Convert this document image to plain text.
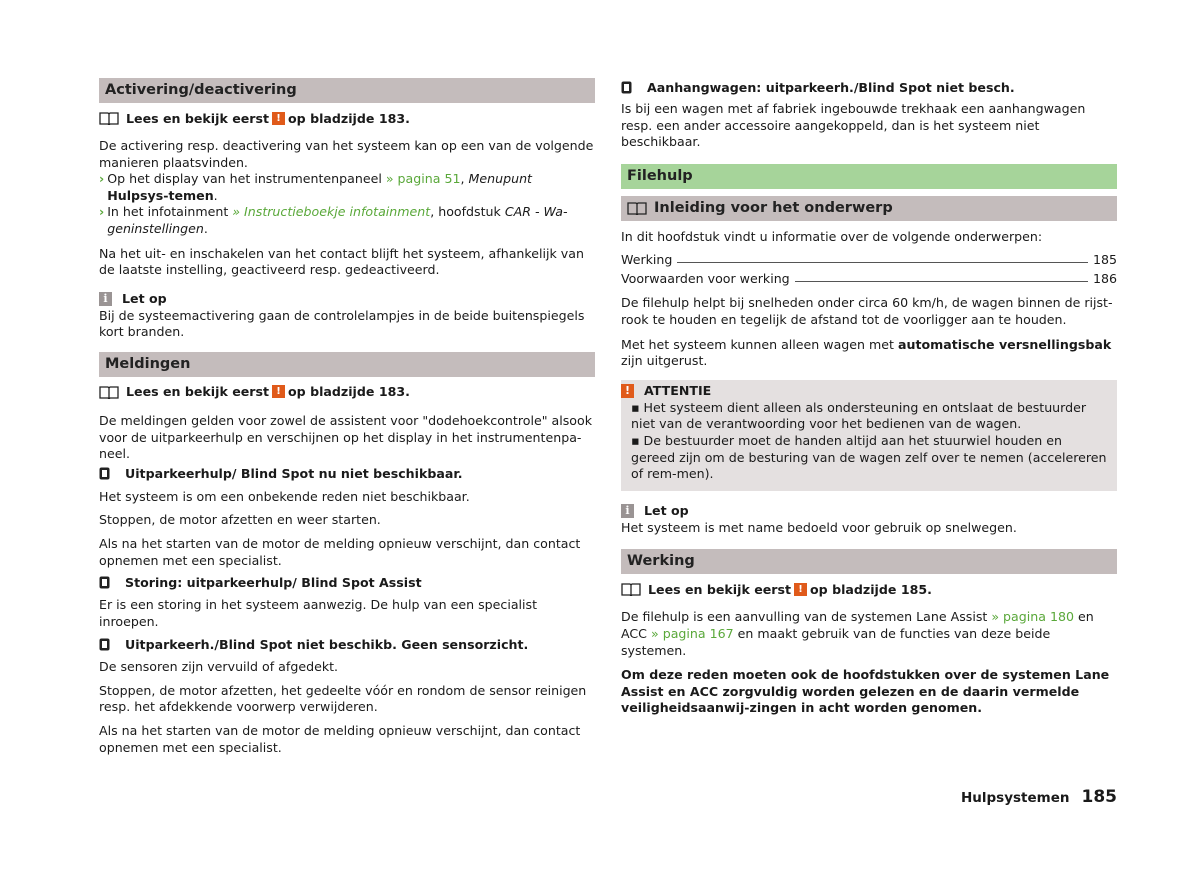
Activering/deactivering
Lees en bekijk eerst ! op bladzijde 183.

De activering resp. deactivering van het systeem kan op een van de volgende manieren plaatsvinden.

› Op het display van het instrumentenpaneel » pagina 51, Menupunt Hulpsys-temen.
› In het infotainment » Instructieboekje infotainment, hoofdstuk CAR - Wa-geninstellingen.

Na het uit- en inschakelen van het contact blijft het systeem, afhankelijk van de laatste instelling, geactiveerd resp. gedeactiveerd.

i	Let op

Bij de systeemactivering gaan de controlelampjes in de beide buitenspiegels kort branden.

Meldingen
Lees en bekijk eerst ! op bladzijde 183.

De meldingen gelden voor zowel de assistent voor "dodehoekcontrole" alsook voor de uitparkeerhulp en verschijnen op het display in het instrumentenpa-neel.

Uitparkeerhulp/ Blind Spot nu niet beschikbaar.

Het systeem is om een onbekende reden niet beschikbaar.

Stoppen, de motor afzetten en weer starten.

Als na het starten van de motor de melding opnieuw verschijnt, dan contact opnemen met een specialist.

Storing: uitparkeerhulp/ Blind Spot Assist

Er is een storing in het systeem aanwezig. De hulp van een specialist inroepen.

Uitparkeerh./Blind Spot niet beschikb. Geen sensorzicht.

De sensoren zijn vervuild of afgedekt.

Stoppen, de motor afzetten, het gedeelte vóór en rondom de sensor reinigen resp. het afdekkende voorwerp verwijderen.

Als na het starten van de motor de melding opnieuw verschijnt, dan contact opnemen met een specialist.

Aanhangwagen: uitparkeerh./Blind Spot niet besch.

Is bij een wagen met af fabriek ingebouwde trekhaak een aanhangwagen resp. een ander accessoire aangekoppeld, dan is het systeem niet beschikbaar.

Filehulp
Inleiding voor het onderwerp

In dit hoofdstuk vindt u informatie over de volgende onderwerpen:

Werking	185
Voorwaarden voor werking	186

De filehulp helpt bij snelheden onder circa 60 km/h, de wagen binnen de rijst-rook te houden en tegelijk de afstand tot de voorligger aan te houden.

Met het systeem kunnen alleen wagen met automatische versnellingsbak zijn uitgerust.

!	ATTENTIE

▪ Het systeem dient alleen als ondersteuning en ontslaat de bestuurder niet van de verantwoording voor het bedienen van de wagen.

▪ De bestuurder moet de handen altijd aan het stuurwiel houden en gereed zijn om de besturing van de wagen zelf over te nemen (accelereren of rem-men).

i	Let op

Het systeem is met name bedoeld voor gebruik op snelwegen.

Werking
Lees en bekijk eerst ! op bladzijde 185.

De filehulp is een aanvulling van de systemen Lane Assist » pagina 180 en ACC » pagina 167 en maakt gebruik van de functies van deze beide systemen.

Om deze reden moeten ook de hoofdstukken over de systemen Lane Assist en ACC zorgvuldig worden gelezen en de daarin vermelde veiligheidsaanwij-zingen in acht worden genomen.

Hulpsystemen 185
